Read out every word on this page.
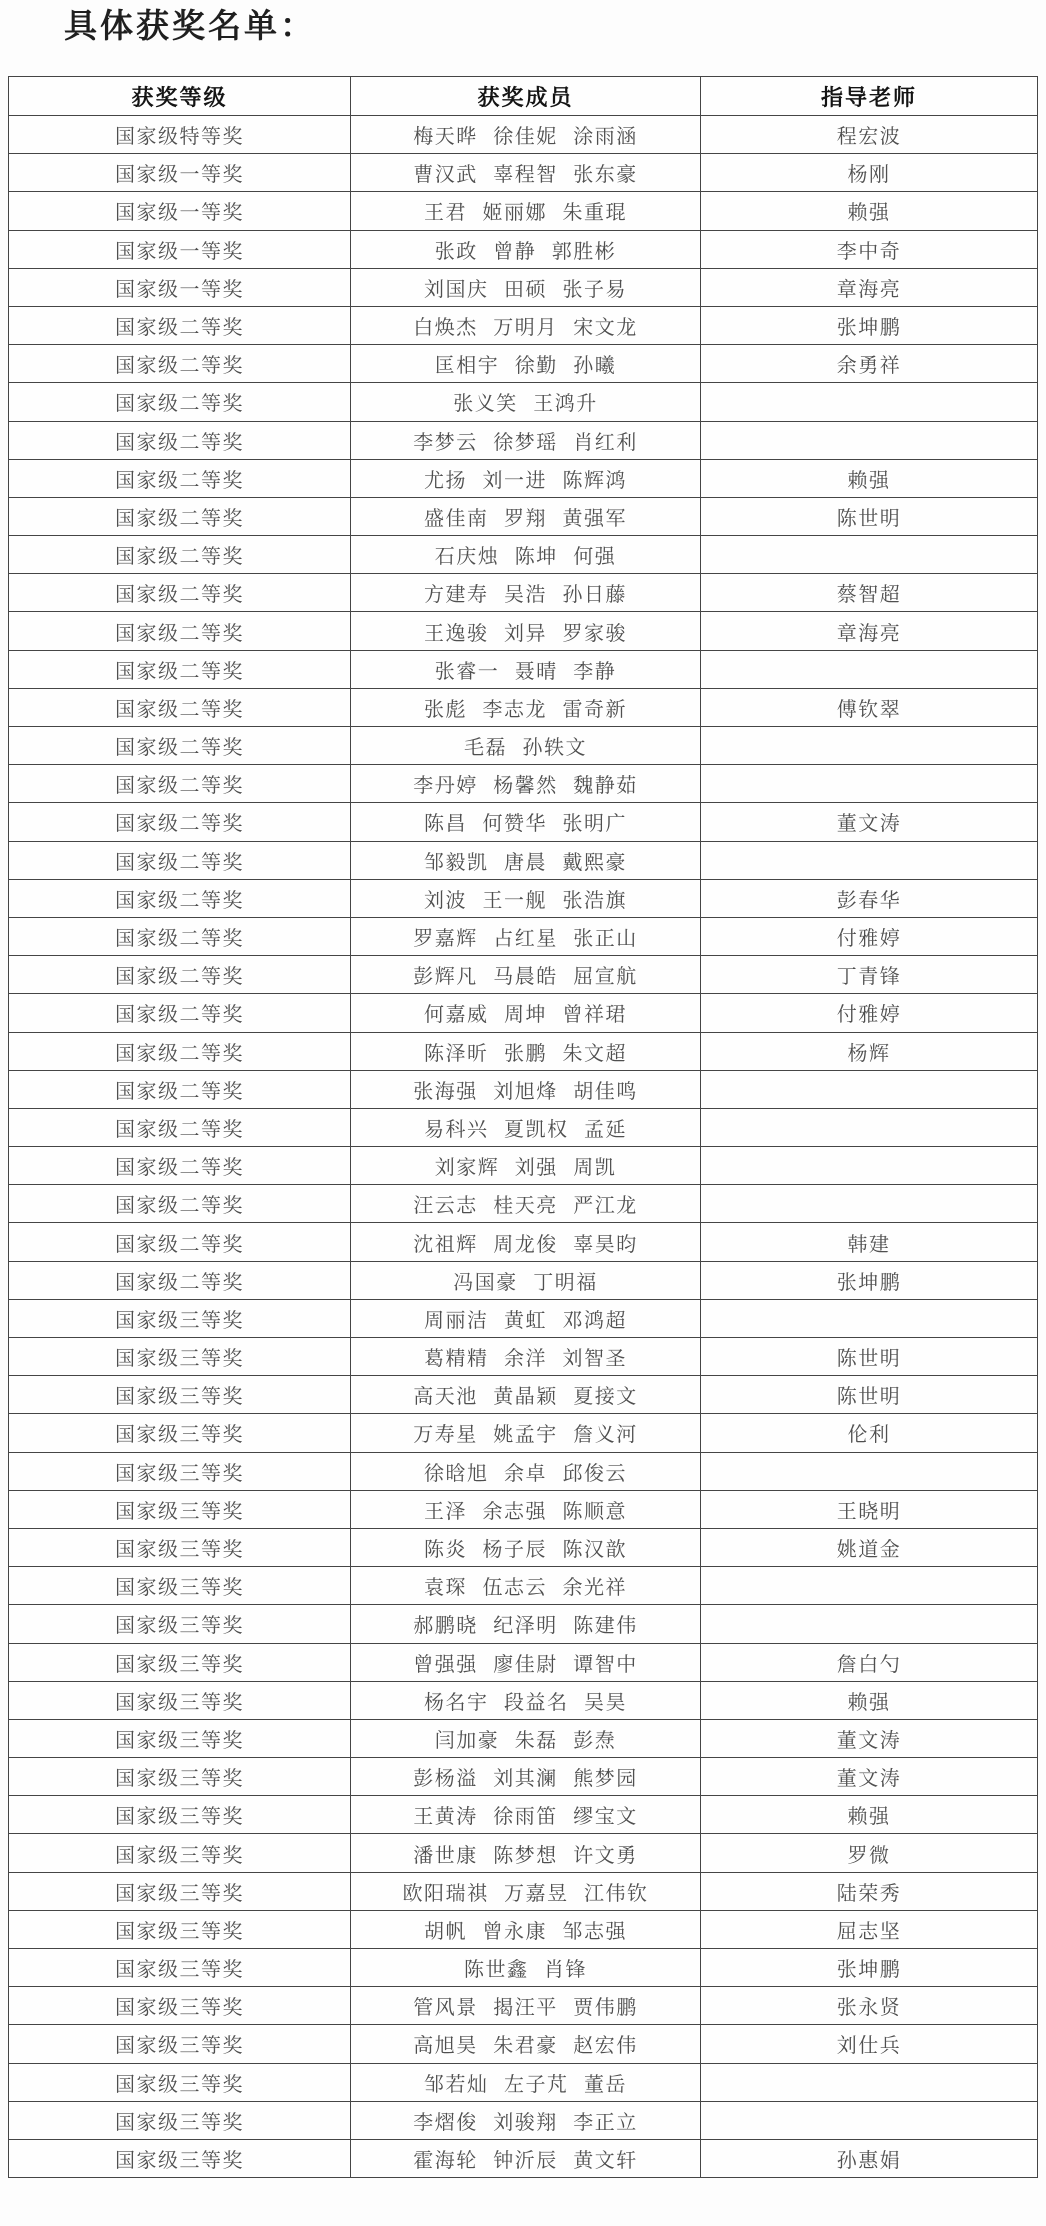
具体获奖名单：
获奖等级	获奖成员	指导老师
国家级特等奖	梅天晔 徐佳妮 涂雨涵	程宏波
国家级一等奖	曹汉武 辜程智 张东豪	杨刚
国家级一等奖	王君 姬丽娜 朱重琨	赖强
国家级一等奖	张政 曾静 郭胜彬	李中奇
国家级一等奖	刘国庆 田硕 张子易	章海亮
国家级二等奖	白焕杰 万明月 宋文龙	张坤鹏
国家级二等奖	匡相宇 徐勤 孙曦	余勇祥
国家级二等奖	张义笑 王鸿升	
国家级二等奖	李梦云 徐梦瑶 肖红利	
国家级二等奖	尤扬 刘一进 陈辉鸿	赖强
国家级二等奖	盛佳南 罗翔 黄强军	陈世明
国家级二等奖	石庆烛 陈坤 何强	
国家级二等奖	方建寿 吴浩 孙日藤	蔡智超
国家级二等奖	王逸骏 刘异 罗家骏	章海亮
国家级二等奖	张睿一 聂晴 李静	
国家级二等奖	张彪 李志龙 雷奇新	傅钦翠
国家级二等奖	毛磊 孙轶文	
国家级二等奖	李丹婷 杨馨然 魏静茹	
国家级二等奖	陈昌 何赞华 张明广	董文涛
国家级二等奖	邹毅凯 唐晨 戴熙豪	
国家级二等奖	刘波 王一舰 张浩旗	彭春华
国家级二等奖	罗嘉辉 占红星 张正山	付雅婷
国家级二等奖	彭辉凡 马晨皓 屈宣航	丁青锋
国家级二等奖	何嘉威 周坤 曾祥珺	付雅婷
国家级二等奖	陈泽昕 张鹏 朱文超	杨辉
国家级二等奖	张海强 刘旭烽 胡佳鸣	
国家级二等奖	易科兴 夏凯权 孟延	
国家级二等奖	刘家辉 刘强 周凯	
国家级二等奖	汪云志 桂天亮 严江龙	
国家级二等奖	沈祖辉 周龙俊 辜昊昀	韩建
国家级二等奖	冯国豪 丁明福	张坤鹏
国家级三等奖	周丽洁 黄虹 邓鸿超	
国家级三等奖	葛精精 余洋 刘智圣	陈世明
国家级三等奖	高天池 黄晶颖 夏接文	陈世明
国家级三等奖	万寿星 姚孟宇 詹义河	伦利
国家级三等奖	徐晗旭 余卓 邱俊云	
国家级三等奖	王泽 余志强 陈顺意	王晓明
国家级三等奖	陈炎 杨子辰 陈汉歆	姚道金
国家级三等奖	袁琛 伍志云 余光祥	
国家级三等奖	郝鹏晓 纪泽明 陈建伟	
国家级三等奖	曾强强 廖佳尉 谭智中	詹白勺
国家级三等奖	杨名宇 段益名 吴昊	赖强
国家级三等奖	闫加豪 朱磊 彭焘	董文涛
国家级三等奖	彭杨溢 刘其澜 熊梦园	董文涛
国家级三等奖	王黄涛 徐雨笛 缪宝文	赖强
国家级三等奖	潘世康 陈梦想 许文勇	罗微
国家级三等奖	欧阳瑞祺 万嘉昱 江伟钦	陆荣秀
国家级三等奖	胡帆 曾永康 邹志强	屈志坚
国家级三等奖	陈世鑫 肖锋	张坤鹏
国家级三等奖	管风景 揭汪平 贾伟鹏	张永贤
国家级三等奖	高旭昊 朱君豪 赵宏伟	刘仕兵
国家级三等奖	邹若灿 左子芃 董岳	
国家级三等奖	李熠俊 刘骏翔 李正立	
国家级三等奖	霍海轮 钟沂辰 黄文轩	孙惠娟
